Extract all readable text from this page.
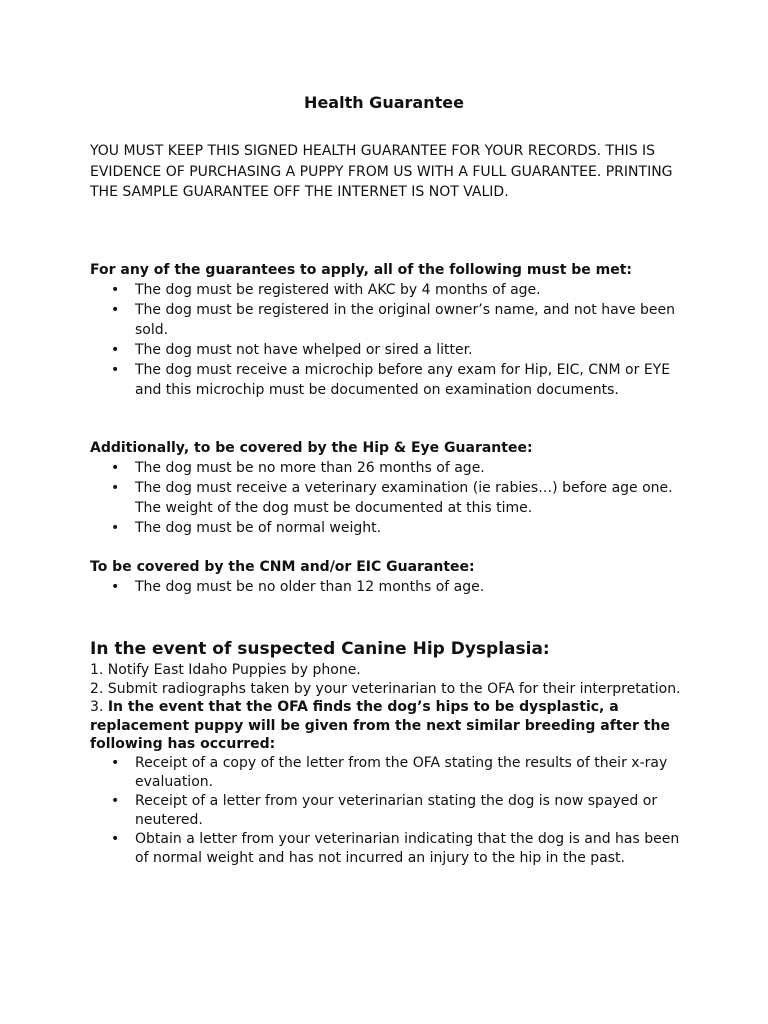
Health Guarantee

YOU MUST KEEP THIS SIGNED HEALTH GUARANTEE FOR YOUR RECORDS. THIS IS EVIDENCE OF PURCHASING A PUPPY FROM US WITH A FULL GUARANTEE. PRINTING THE SAMPLE GUARANTEE OFF THE INTERNET IS NOT VALID.

For any of the guarantees to apply, all of the following must be met:

•	The dog must be registered with AKC by 4 months of age.
•	The dog must be registered in the original owner’s name, and not have been sold.
•	The dog must not have whelped or sired a litter.
•	The dog must receive a microchip before any exam for Hip, EIC, CNM or EYE and this microchip must be documented on examination documents.

Additionally, to be covered by the Hip & Eye Guarantee:

•	The dog must be no more than 26 months of age.
•	The dog must receive a veterinary examination (ie rabies…) before age one. The weight of the dog must be documented at this time.
•	The dog must be of normal weight.

To be covered by the CNM and/or EIC Guarantee:

•	The dog must be no older than 12 months of age.
In the event of suspected Canine Hip Dysplasia:

1. Notify East Idaho Puppies by phone.

2. Submit radiographs taken by your veterinarian to the OFA for their interpretation.

3. In the event that the OFA finds the dog’s hips to be dysplastic, a replacement puppy will be given from the next similar breeding after the following has occurred:

•	Receipt of a copy of the letter from the OFA stating the results of their x-ray evaluation.
•	Receipt of a letter from your veterinarian stating the dog is now spayed or neutered.
•	Obtain a letter from your veterinarian indicating that the dog is and has been of normal weight and has not incurred an injury to the hip in the past.
